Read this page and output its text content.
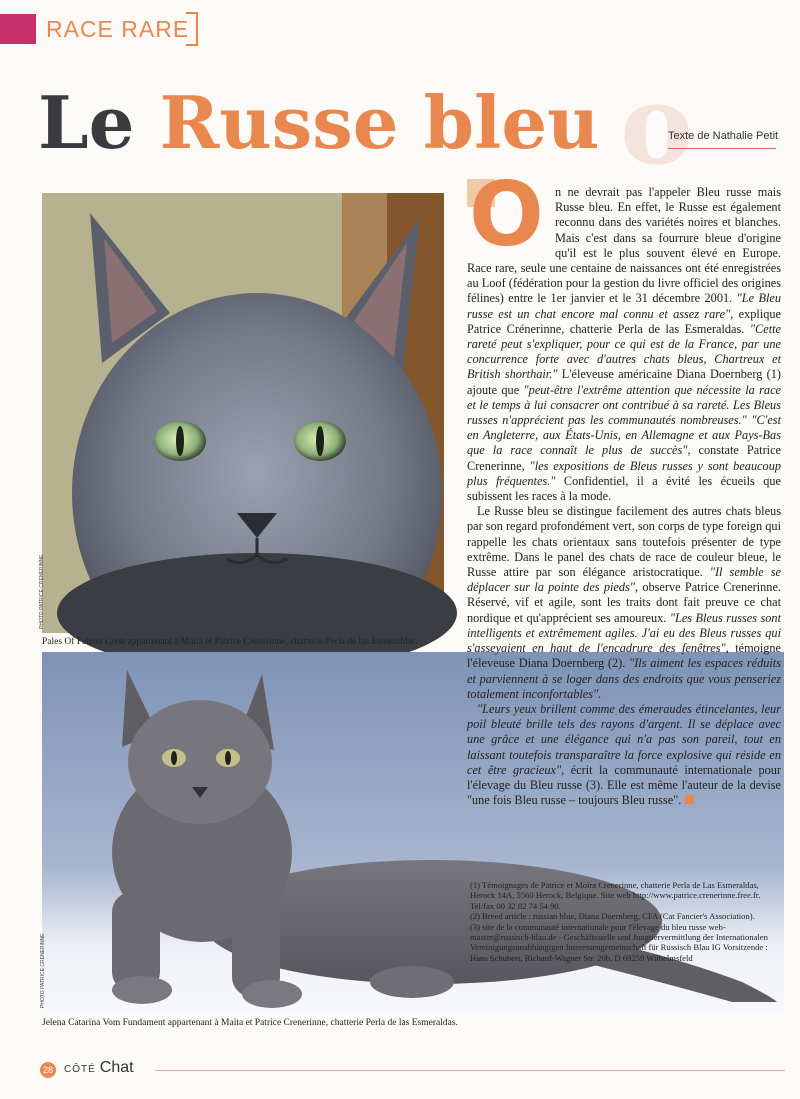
RACE RARE
o
Le Russe bleu	Texte de Nathalie Petit
PHOTO PATRICE CRENERINNE
Pales Of Falcon Crest appartenant à Maïta et Patrice Crenerinne, chatterie Perla de las Esmeraldas.
PHOTO PATRICE CRENERINNE
Jelena Catarina Vom Fundament appartenant à Maïta et Patrice Crenerinne, chatterie Perla de las Esmeraldas.

O n ne devrait pas l'appeler Bleu russe mais Russe bleu. En effet, le Russe est également reconnu dans des variétés noires et blanches. Mais c'est dans sa fourrure bleue d'origine qu'il est le plus souvent élevé en Europe. Race rare, seule une centaine de naissances ont été enregistrées au Loof (fédération pour la gestion du livre officiel des origines félines) entre le 1er janvier et le 31 décembre 2001. "Le Bleu russe est un chat encore mal connu et assez rare", explique Patrice Crénerinne, chatterie Perla de las Esmeraldas. "Cette rareté peut s'expliquer, pour ce qui est de la France, par une concurrence forte avec d'autres chats bleus, Chartreux et British shorthair." L'éleveuse américaine Diana Doernberg (1) ajoute que "peut-être l'extrême attention que nécessite la race et le temps à lui consacrer ont contribué à sa rareté. Les Bleus russes n'apprécient pas les communautés nombreuses." "C'est en Angleterre, aux États-Unis, en Allemagne et aux Pays-Bas que la race connaît le plus de succès", constate Patrice Crenerinne, "les expositions de Bleus russes y sont beaucoup plus fréquentes." Confidentiel, il a évité les écueils que subissent les races à la mode.

Le Russe bleu se distingue facilement des autres chats bleus par son regard profondément vert, son corps de type foreign qui rappelle les chats orientaux sans toutefois présenter de type extrême. Dans le panel des chats de race de couleur bleue, le Russe attire par son élégance aristocratique. "Il semble se déplacer sur la pointe des pieds", observe Patrice Crenerinne. Réservé, vif et agile, sont les traits dont fait preuve ce chat nordique et qu'apprécient ses amoureux. "Les Bleus russes sont intelligents et extrêmement agiles. J'ai eu des Bleus russes qui s'asseyaient en haut de l'encadrure des fenêtres", témoigne l'éleveuse Diana Doernberg (2). "Ils aiment les espaces réduits et parviennent à se loger dans des endroits que vous penseriez totalement inconfortables".

"Leurs yeux brillent comme des émeraudes étincelantes, leur poil bleuté brille tels des rayons d'argent. Il se déplace avec une grâce et une élégance qui n'a pas son pareil, tout en laissant toutefois transparaître la force explosive qui réside en cet être gracieux", écrit la communauté internationale pour l'élevage du Bleu russe (3). Elle est même l'auteur de la devise "une fois Bleu russe – toujours Bleu russe".

(1) Témoignages de Patrice et Moïra Crenerinne, chatterie Perla de Las Esmeraldas, Herock 14A, 5560 Herock, Belgique. Site web http://www.patrice.crenerinne.free.fr. Tel/fax 00 32 82 74 54 90.

(2) Breed article : russian blue, Diana Doernberg, CFA (Cat Fancier's Association).

(3) site de la communauté internationale pour l'élevage du bleu russe web-master@russisch-blau.de - Geschäftsstelle und Jungtiervermittlung der Internationalen Vereinigungsunabhängigen Interessengemeinschaft für Russisch Blau IG Vorsitzende : Hans Schubert, Richard-Wagner Str. 20b, D 69259 Wilhelmsfeld

28	CÔTÉ Chat
